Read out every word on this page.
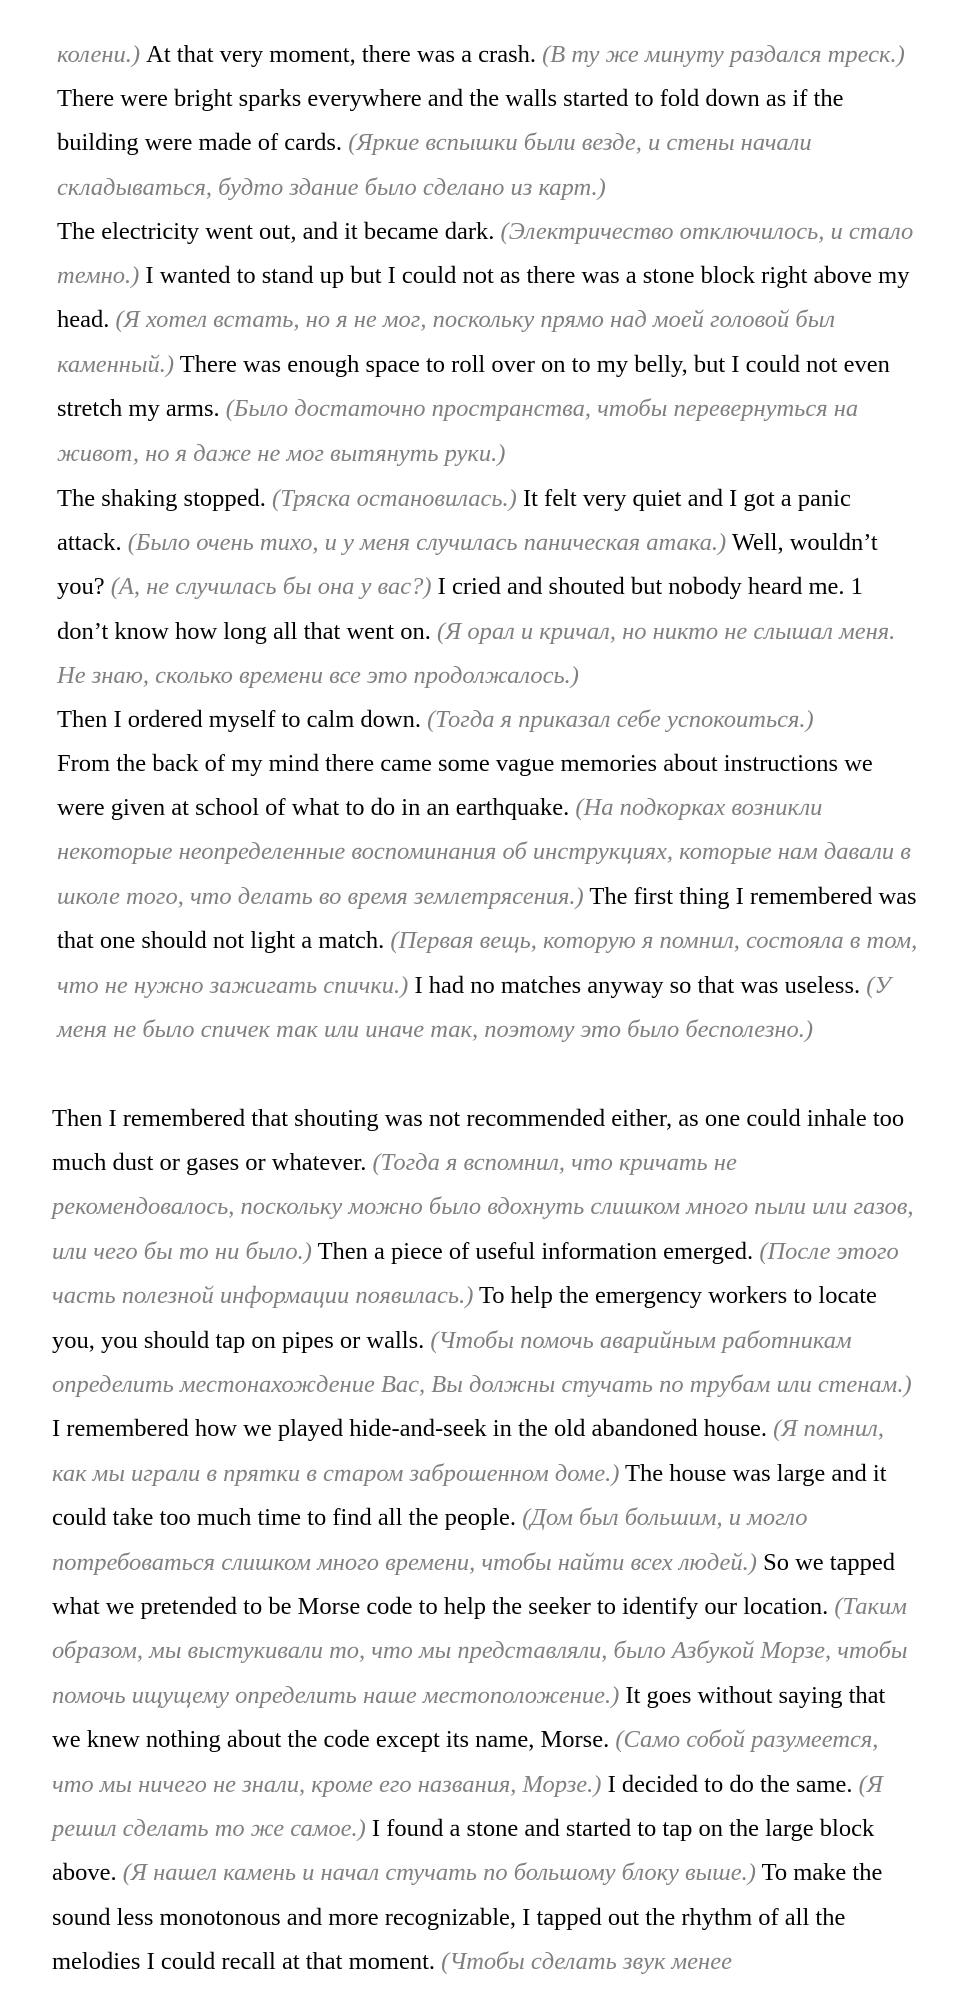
колени.) At that very moment, there was a crash. (В ту же минуту раздался треск.) There were bright sparks everywhere and the walls started to fold down as if the building were made of cards. (Яркие вспышки были везде, и стены начали складываться, будто здание было сделано из карт.)

The electricity went out, and it became dark. (Электричество отключилось, и стало темно.) I wanted to stand up but I could not as there was a stone block right above my head. (Я хотел встать, но я не мог, поскольку прямо над моей головой был каменный.) There was enough space to roll over on to my belly, but I could not even stretch my arms. (Было достаточно пространства, чтобы перевернуться на живот, но я даже не мог вытянуть руки.)

The shaking stopped. (Тряска остановилась.) It felt very quiet and I got a panic attack. (Было очень тихо, и у меня случилась паническая атака.) Well, wouldn’t you? (А, не случилась бы она у вас?) I cried and shouted but nobody heard me. 1 don’t know how long all that went on. (Я орал и кричал, но никто не слышал меня. Не знаю, сколько времени все это продолжалось.)

Then I ordered myself to calm down. (Тогда я приказал себе успокоиться.)

From the back of my mind there came some vague memories about instructions we were given at school of what to do in an earthquake. (На подкорках возникли некоторые неопределенные воспоминания об инструкциях, которые нам давали в школе того, что делать во время землетрясения.) The first thing I remembered was that one should not light a match. (Первая вещь, которую я помнил, состояла в том, что не нужно зажигать спички.) I had no matches anyway so that was useless. (У меня не было спичек так или иначе так, поэтому это было бесполезно.)

Then I remembered that shouting was not recommended either, as one could inhale too much dust or gases or whatever. (Тогда я вспомнил, что кричать не рекомендовалось, поскольку можно было вдохнуть слишком много пыли или газов, или чего бы то ни было.) Then a piece of useful information emerged. (После этого часть полезной информации появилась.) To help the emergency workers to locate you, you should tap on pipes or walls. (Чтобы помочь аварийным работникам определить местонахождение Вас, Вы должны стучать по трубам или стенам.) I remembered how we played hide-and-seek in the old abandoned house. (Я помнил, как мы играли в прятки в старом заброшенном доме.) The house was large and it could take too much time to find all the people. (Дом был большим, и могло потребоваться слишком много времени, чтобы найти всех людей.) So we tapped what we pretended to be Morse code to help the seeker to identify our location. (Таким образом, мы выстукивали то, что мы представляли, было Азбукой Морзе, чтобы помочь ищущему определить наше местоположение.) It goes without saying that we knew nothing about the code except its name, Morse. (Само собой разумеется, что мы ничего не знали, кроме его названия, Морзе.) I decided to do the same. (Я решил сделать то же самое.) I found a stone and started to tap on the large block above. (Я нашел камень и начал стучать по большому блоку выше.) To make the sound less monotonous and more recognizable, I tapped out the rhythm of all the melodies I could recall at that moment. (Чтобы сделать звук менее
